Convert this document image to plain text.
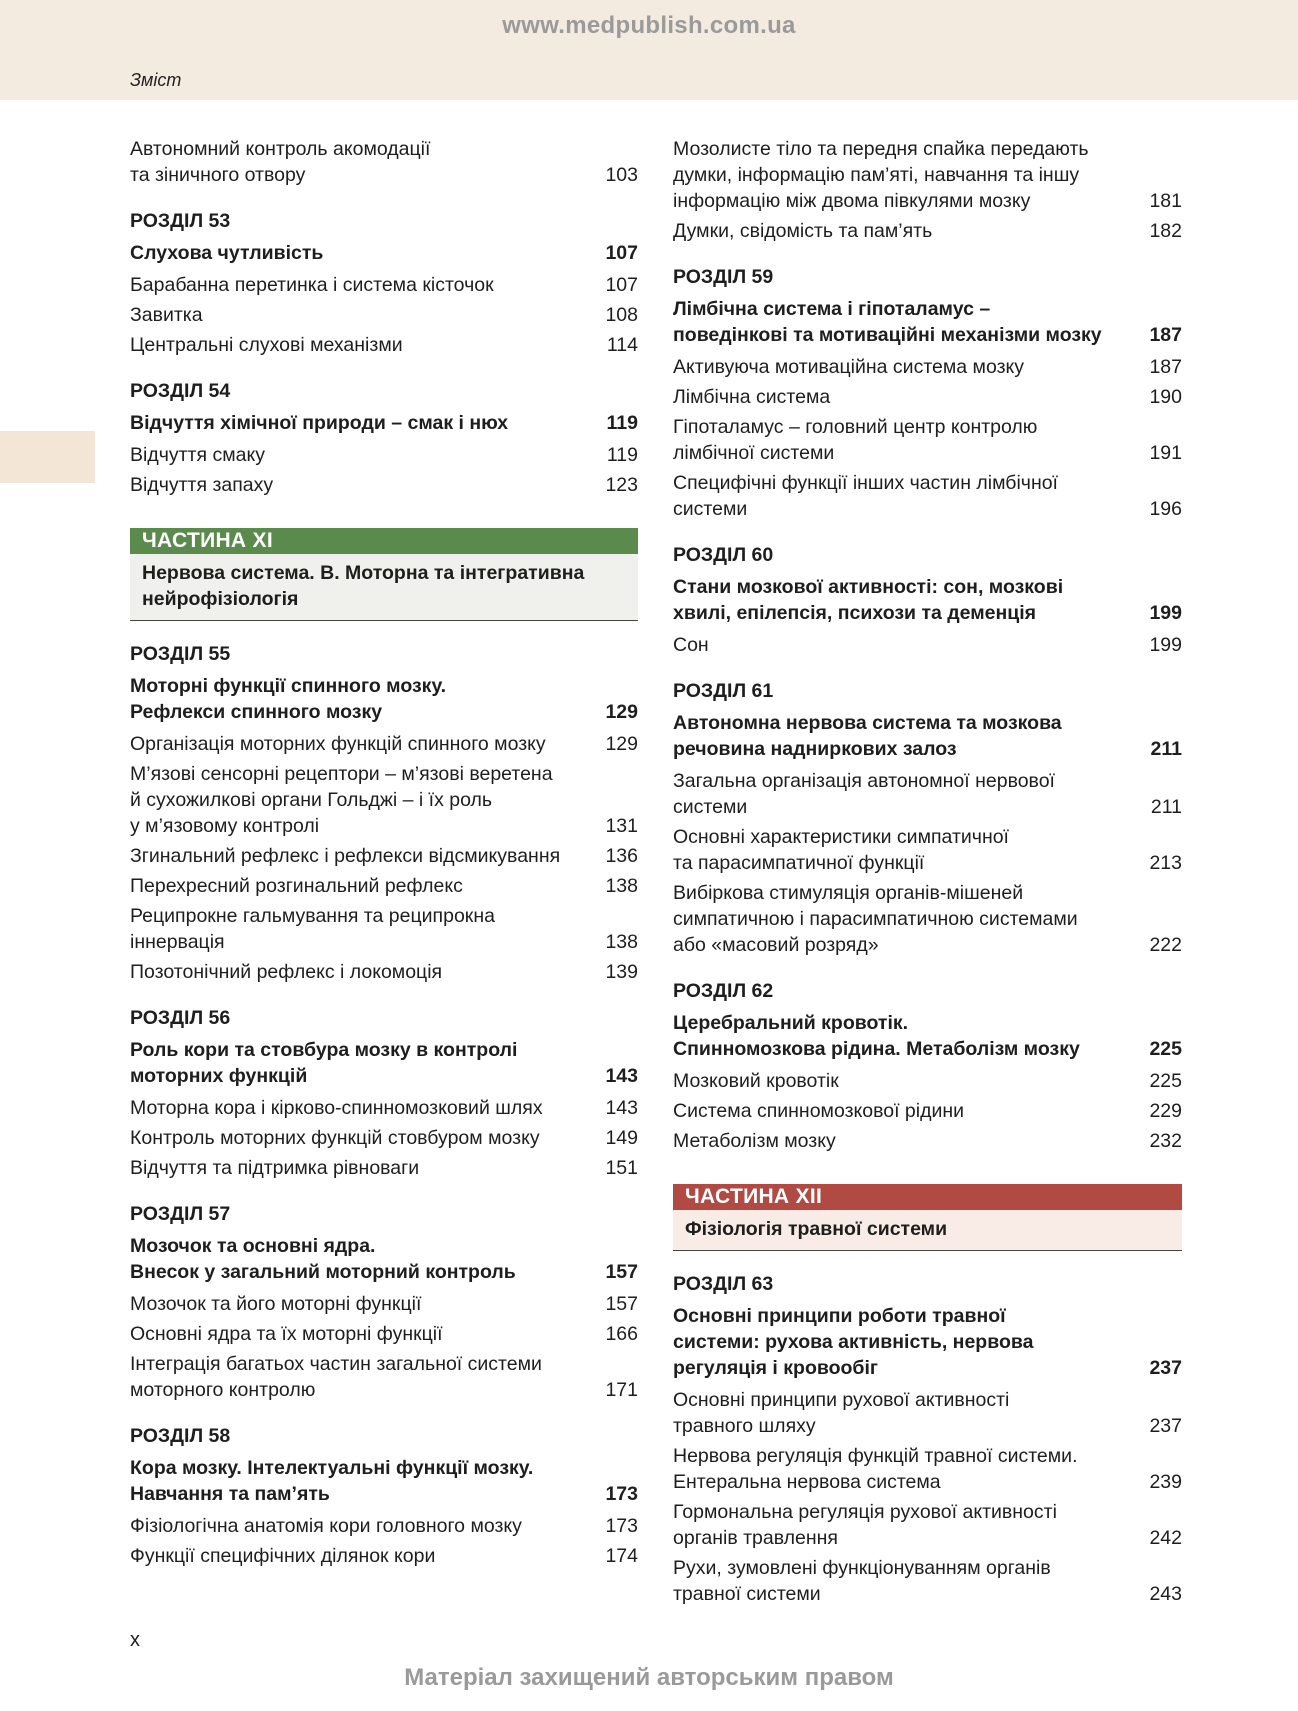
www.medpublish.com.ua
Зміст
Автономний контроль акомодації
та зіничного отвору	103
РОЗДІЛ 53
Слухова чутливість	107
Барабанна перетинка і система кісточок	107
Завитка	108
Центральні слухові механізми	114
РОЗДІЛ 54
Відчуття хімічної природи – смак і нюх	119
Відчуття смаку	119
Відчуття запаху	123
ЧАСТИНА XI
Нервова система. В. Моторна та інтегративна
нейрофізіологія
РОЗДІЛ 55
Моторні функції спинного мозку.
Рефлекси спинного мозку	129
Організація моторних функцій спинного мозку	129
М’язові сенсорні рецептори – м’язові веретена
й сухожилкові органи Гольджі – і їх роль
у м’язовому контролі	131
Згинальний рефлекс і рефлекси відсмикування 136
Перехресний розгинальний рефлекс	138
Реципрокне гальмування та реципрокна
іннервація	138
Позотонічний рефлекс і локомоція	139
РОЗДІЛ 56
Роль кори та стовбура мозку в контролі
моторних функцій	143
Моторна кора і кірково-спинномозковий шлях	143
Контроль моторних функцій стовбуром мозку	149
Відчуття та підтримка рівноваги	151
РОЗДІЛ 57
Мозочок та основні ядра.
Внесок у загальний моторний контроль	157
Мозочок та його моторні функції	157
Основні ядра та їх моторні функції	166
Інтеграція багатьох частин загальної системи
моторного контролю	171
РОЗДІЛ 58
Кора мозку. Інтелектуальні функції мозку.
Навчання та пам’ять	173
Фізіологічна анатомія кори головного мозку	173
Функції специфічних ділянок кори	174
Мозолисте тіло та передня спайка передають
думки, інформацію пам’яті, навчання та іншу
інформацію між двома півкулями мозку	181
Думки, свідомість та пам’ять	182
РОЗДІЛ 59
Лімбічна система і гіпоталамус –
поведінкові та мотиваційні механізми мозку 187
Активуюча мотиваційна система мозку	187
Лімбічна система	190
Гіпоталамус – головний центр контролю
лімбічної системи	191
Специфічні функції інших частин лімбічної
системи	196
РОЗДІЛ 60
Стани мозкової активності: сон, мозкові
хвилі, епілепсія, психози та деменція	199
Сон	199
РОЗДІЛ 61
Автономна нервова система та мозкова
речовина надниркових залоз	211
Загальна організація автономної нервової
системи	211
Основні характеристики симпатичної
та парасимпатичної функції	213
Вибіркова стимуляція органів-мішеней
симпатичною і парасимпатичною системами
або «масовий розряд»	222
РОЗДІЛ 62
Церебральний кровотік.
Спинномозкова рідина. Метаболізм мозку	225
Мозковий кровотік	225
Система спинномозкової рідини	229
Метаболізм мозку	232
ЧАСТИНА XII
Фізіологія травної системи
РОЗДІЛ 63
Основні принципи роботи травної
системи: рухова активність, нервова
регуляція і кровообіг	237
Основні принципи рухової активності
травного шляху	237
Нервова регуляція функцій травної системи.
Ентеральна нервова система	239
Гормональна регуляція рухової активності
органів травлення	242
Рухи, зумовлені функціонуванням органів
травної системи	243
x
Матеріал захищений авторським правом
